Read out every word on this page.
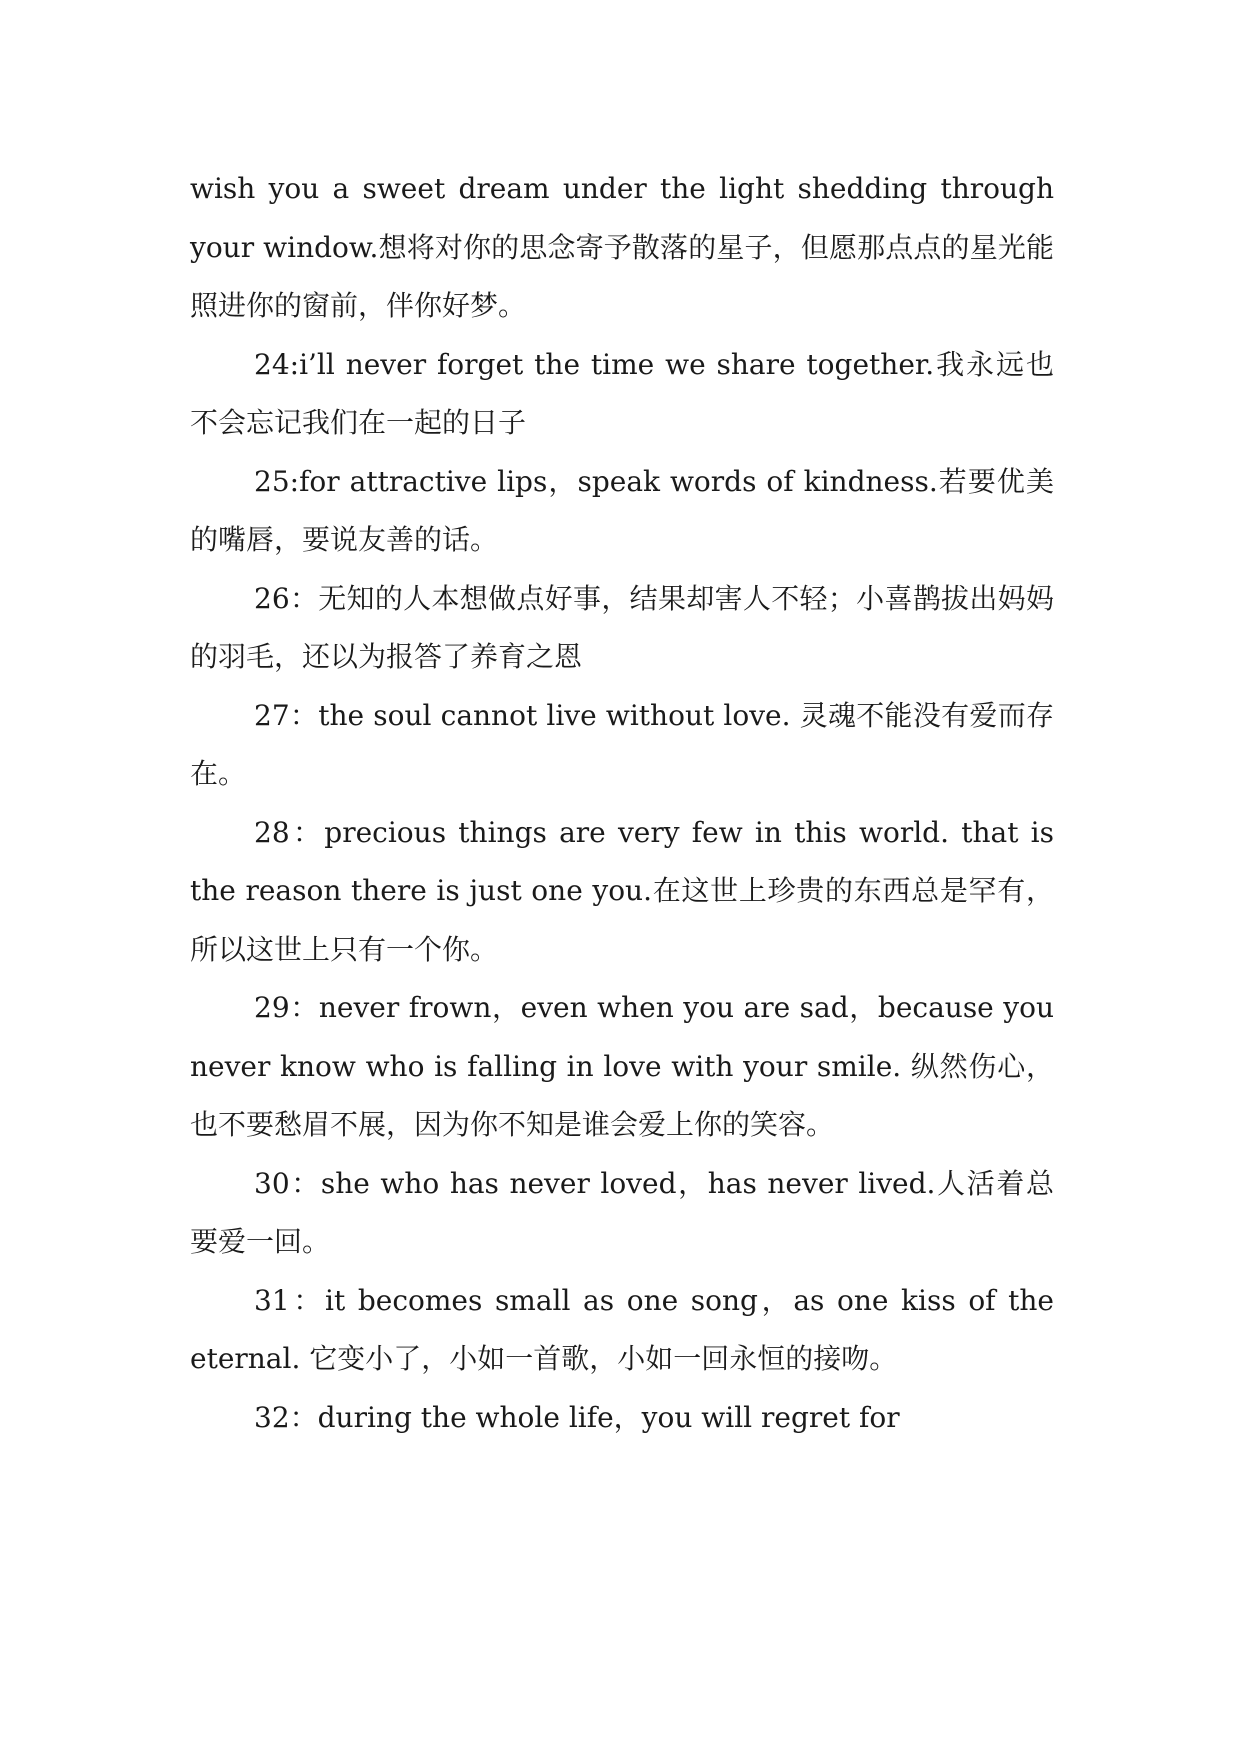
wish you a sweet dream under the light shedding through your window.想将对你的思念寄予散落的星子，但愿那点点的星光能照进你的窗前，伴你好梦。

24:i’ll never forget the time we share together.我永远也不会忘记我们在一起的日子

25:for attractive lips，speak words of kindness.若要优美的嘴唇，要说友善的话。

26：无知的人本想做点好事，结果却害人不轻；小喜鹊拔出妈妈的羽毛，还以为报答了养育之恩

27：the soul cannot live without love. 灵魂不能没有爱而存在。

28：precious things are very few in this world. that is the reason there is just one you.在这世上珍贵的东西总是罕有，所以这世上只有一个你。

29：never frown，even when you are sad，because you never know who is falling in love with your smile. 纵然伤心，也不要愁眉不展，因为你不知是谁会爱上你的笑容。

30：she who has never loved，has never lived.人活着总要爱一回。

31：it becomes small as one song，as one kiss of the eternal. 它变小了，小如一首歌，小如一回永恒的接吻。

32：during the whole life，you will regret for
